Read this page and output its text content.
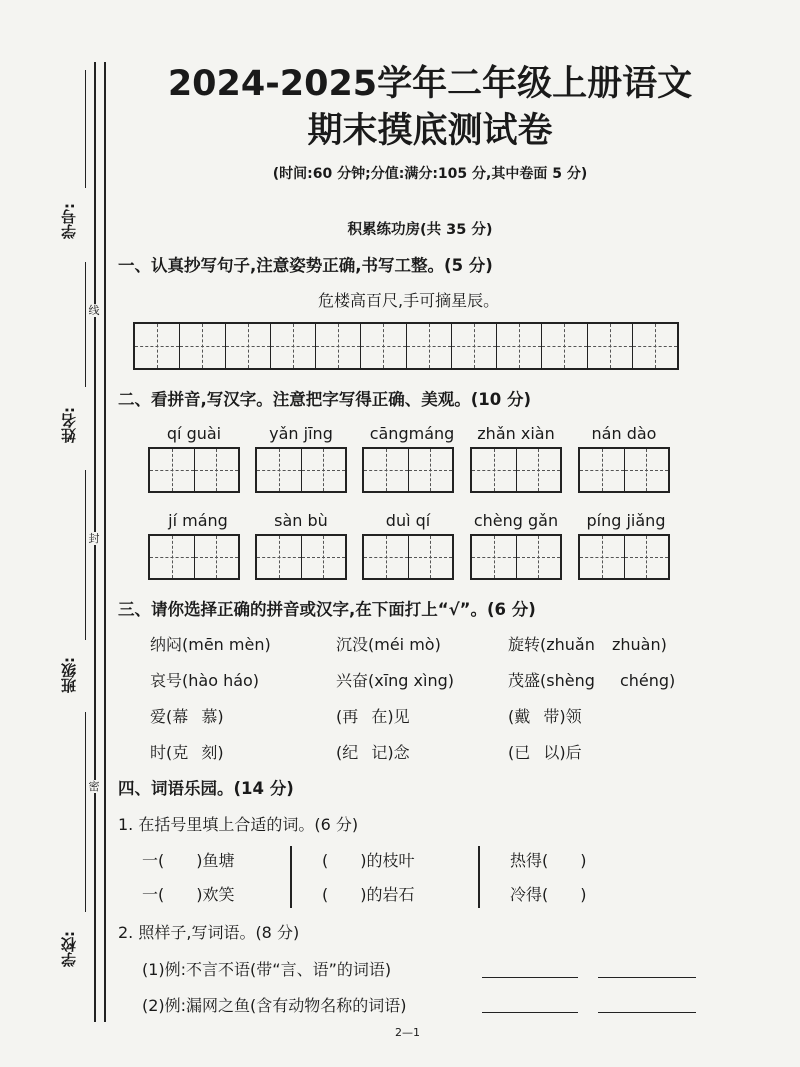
学号:
线
姓名:
封
班级:
密
学校:
2024-2025学年二年级上册语文
期末摸底测试卷
(时间:60 分钟;分值:满分:105 分,其中卷面 5 分)
积累练功房(共 35 分)
一、认真抄写句子,注意姿势正确,书写工整。(5 分)
危楼高百尺,手可摘星辰。
二、看拼音,写汉字。注意把字写得正确、美观。(10 分)
qí guài	yǎn jīng	cāngmáng	zhǎn xiàn	nán dào
jí máng	sàn bù	duì qí	chèng gǎn	píng jiǎng
三、请你选择正确的拼音或汉字,在下面打上“√”。(6 分)
纳闷(mēn mèn)	沉没(méi mò)	旋转(zhuǎn zhuàn)
哀号(hào háo)	兴奋(xīng xìng)	茂盛(shèng chéng)
爱(幕 慕)	(再 在)见	(戴 带)领
时(克 刻)	(纪 记)念	(已 以)后
四、词语乐园。(14 分)
1. 在括号里填上合适的词。(6 分)
一(　　)鱼塘	(　　)的枝叶	热得(　　)
一(　　)欢笑	(　　)的岩石	冷得(　　)
2. 照样子,写词语。(8 分)
(1)例:不言不语(带“言、语”的词语)
(2)例:漏网之鱼(含有动物名称的词语)
2—1
